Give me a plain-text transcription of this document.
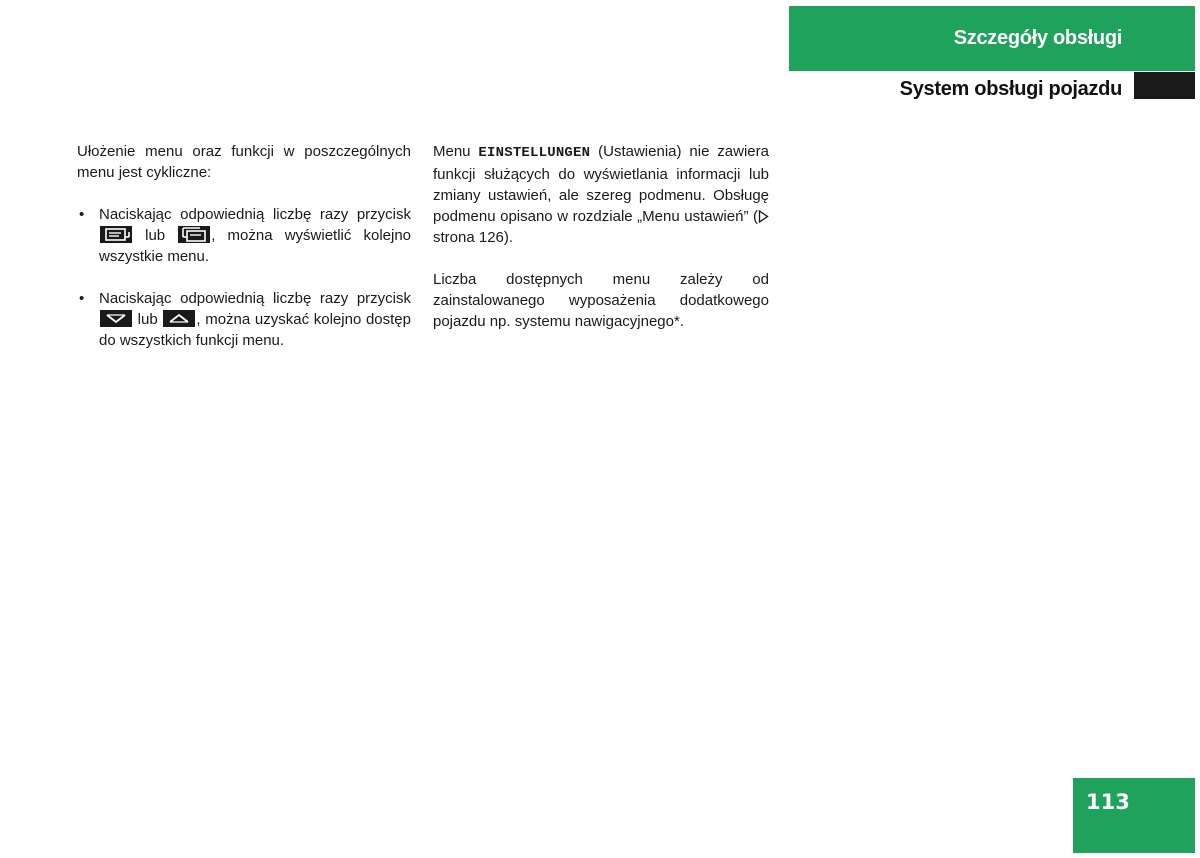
Szczegóły obsługi
System obsługi pojazdu

Ułożenie menu oraz funkcji w poszczególnych menu jest cykliczne:

• Naciskając odpowiednią liczbę razy przycisk
lub	, można wyświetlić kolejno wszystkie menu.
• Naciskając odpowiednią liczbę razy przycisk
lub	, można uzyskać kolejno dostęp do wszystkich funkcji menu.

Menu EINSTELLUNGEN (Ustawienia) nie zawiera funkcji służących do wyświetlania informacji lub zmiany ustawień, ale szereg podmenu. Obsługę podmenu opisano w rozdziale „Menu ustawień” ( strona 126).

Liczba dostępnych menu zależy od zainstalowanego wyposażenia dodatkowego pojazdu np. systemu nawigacyjnego*.

113
